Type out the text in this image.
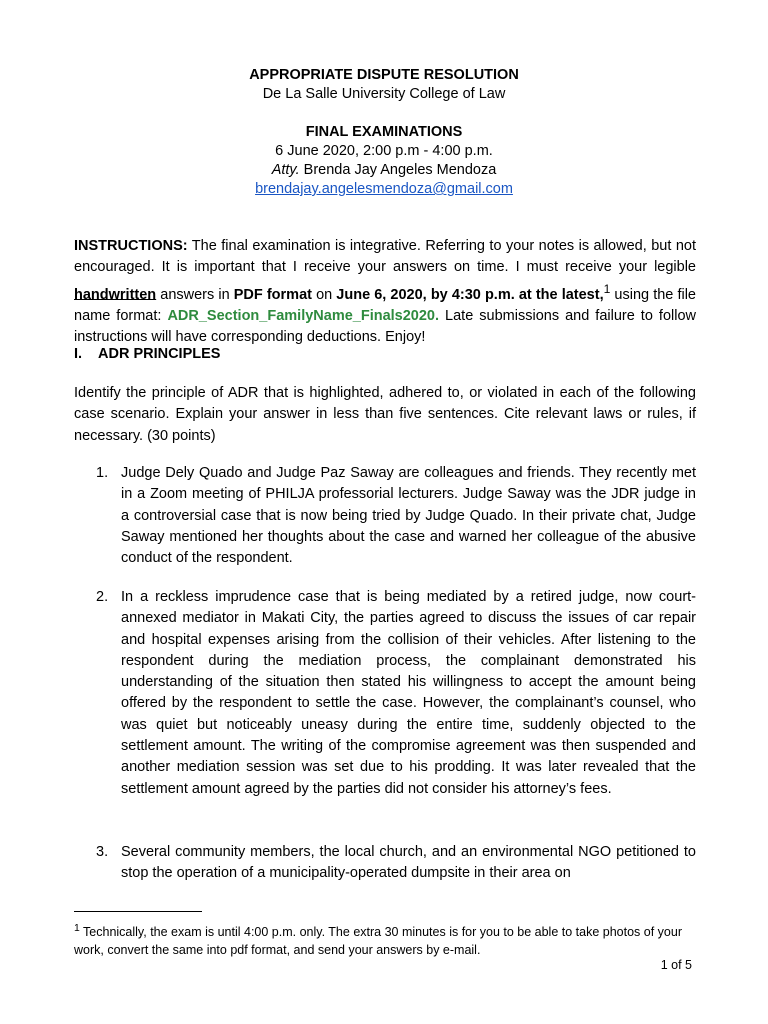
APPROPRIATE DISPUTE RESOLUTION
De La Salle University College of Law
FINAL EXAMINATIONS
6 June 2020, 2:00 p.m - 4:00 p.m.
Atty. Brenda Jay Angeles Mendoza
brendajay.angelesmendoza@gmail.com
INSTRUCTIONS: The final examination is integrative. Referring to your notes is allowed, but not encouraged. It is important that I receive your answers on time. I must receive your legible handwritten answers in PDF format on June 6, 2020, by 4:30 p.m. at the latest,$^1$ using the file name format: ADR_Section_FamilyName_Finals2020. Late submissions and failure to follow instructions will have corresponding deductions. Enjoy!
I. ADR PRINCIPLES
Identify the principle of ADR that is highlighted, adhered to, or violated in each of the following case scenario. Explain your answer in less than five sentences. Cite relevant laws or rules, if necessary. (30 points)
1. Judge Dely Quado and Judge Paz Saway are colleagues and friends. They recently met in a Zoom meeting of PHILJA professorial lecturers. Judge Saway was the JDR judge in a controversial case that is now being tried by Judge Quado. In their private chat, Judge Saway mentioned her thoughts about the case and warned her colleague of the abusive conduct of the respondent.
2. In a reckless imprudence case that is being mediated by a retired judge, now court-annexed mediator in Makati City, the parties agreed to discuss the issues of car repair and hospital expenses arising from the collision of their vehicles. After listening to the respondent during the mediation process, the complainant demonstrated his understanding of the situation then stated his willingness to accept the amount being offered by the respondent to settle the case. However, the complainant’s counsel, who was quiet but noticeably uneasy during the entire time, suddenly objected to the settlement amount. The writing of the compromise agreement was then suspended and another mediation session was set due to his prodding. It was later revealed that the settlement amount agreed by the parties did not consider his attorney’s fees.
3. Several community members, the local church, and an environmental NGO petitioned to stop the operation of a municipality-operated dumpsite in their area on
$^1$ Technically, the exam is until 4:00 p.m. only. The extra 30 minutes is for you to be able to take photos of your work, convert the same into pdf format, and send your answers by e-mail.
1 of 5
